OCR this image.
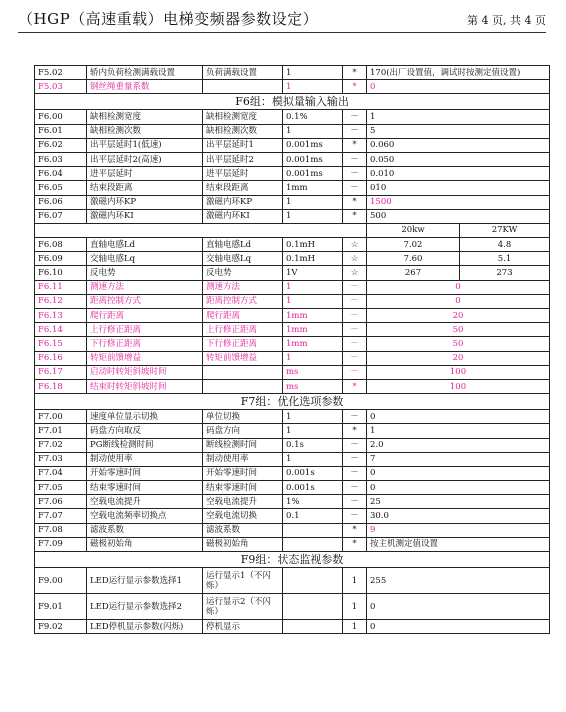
（HGP（高速重载）电梯变频器参数设定）	第 4 页, 共 4 页
F5.02	轿内负荷检测满载设置	负荷满载设置	1	*	170(出厂设置值，调试时按测定值设置)	
F5.03	钢丝绳重量系数		1	*	0	
F6组：模拟量输入输出						
F6.00	缺相检测宽度	缺相检测宽度	0.1%	－	1	
F6.01	缺相检测次数	缺相检测次数	1	－	5	
F6.02	出平层延时1(低速)	出平层延时1	0.001ms	*	0.060	
F6.03	出平层延时2(高速)	出平层延时2	0.001ms	－	0.050	
F6.04	进平层延时	进平层延时	0.001ms	－	0.010	
F6.05	结束段距离	结束段距离	1mm	－	010	
F6.06	激磁内环KP	激磁内环KP	1	*	1500	
F6.07	激磁内环KI	激磁内环KI	1	*	500	
					20kw	27KW
F6.08	直轴电感Ld	直轴电感Ld	0.1mH	☆	7.02	4.8
F6.09	交轴电感Lq	交轴电感Lq	0.1mH	☆	7.60	5.1
F6.10	反电势	反电势	1V	☆	267	273
F6.11	测速方法	测速方法	1	－	0	
F6.12	距离控制方式	距离控制方式	1	－	0	
F6.13	爬行距离	爬行距离	1mm	－	20	
F6.14	上行修正距离	上行修正距离	1mm	－	50	
F6.15	下行修正距离	下行修正距离	1mm	－	50	
F6.16	转矩前馈增益	转矩前馈增益	1	－	20	
F6.17	启动时转矩斜坡时间		ms	－	100	
F6.18	结束时转矩斜坡时间		ms	*	100	
F7组：优化选项参数						
F7.00	速度单位显示切换	单位切换	1	－	0	
F7.01	码盘方向取反	码盘方向	1	*	1	
F7.02	PG断线检测时间	断线检测时间	0.1s	－	2.0	
F7.03	制动使用率	制动使用率	1	－	7	
F7.04	开始零速时间	开始零速时间	0.001s	－	0	
F7.05	结束零速时间	结束零速时间	0.001s	－	0	
F7.06	空载电流提升	空载电流提升	1%	－	25	
F7.07	空载电流频率切换点	空载电流切换	0.1	－	30.0	
F7.08	滤波系数	滤波系数		*	9	
F7.09	磁极初始角	磁极初始角		*	按主机测定值设置	
F9组：状态监视参数						
F9.00	LED运行显示参数选择1	运行显示1（不闪烁）		1	255	
F9.01	LED运行显示参数选择2	运行显示2（不闪烁）		1	0	
F9.02	LED停机显示参数(闪烁)	停机显示		1	0	
